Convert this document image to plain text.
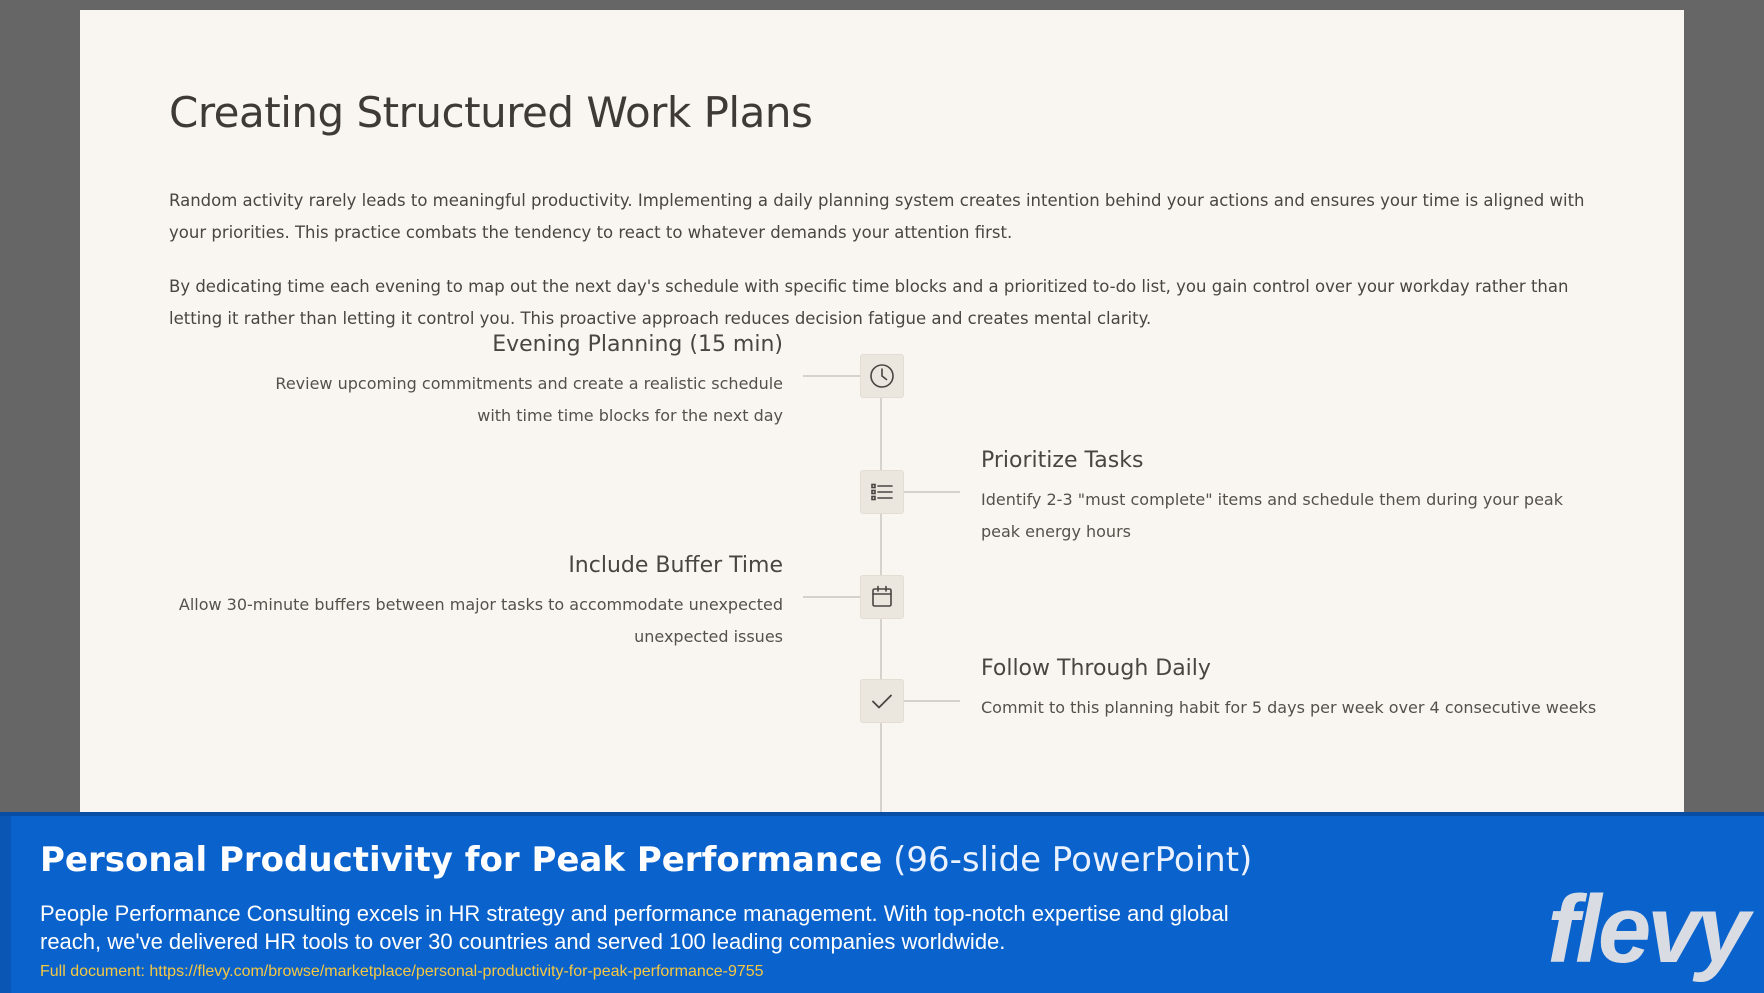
Creating Structured Work Plans

Random activity rarely leads to meaningful productivity. Implementing a daily planning system creates intention behind your actions and ensures your time is aligned with your priorities. This practice combats the tendency to react to whatever demands your attention first.

By dedicating time each evening to map out the next day's schedule with specific time blocks and a prioritized to-do list, you gain control over your workday rather than letting it rather than letting it control you. This proactive approach reduces decision fatigue and creates mental clarity.

Evening Planning (15 min)

Review upcoming commitments and create a realistic schedule with time time blocks for the next day

Prioritize Tasks

Identify 2-3 "must complete" items and schedule them during your peak peak energy hours

Include Buffer Time

Allow 30-minute buffers between major tasks to accommodate unexpected unexpected issues

Follow Through Daily

Commit to this planning habit for 5 days per week over 4 consecutive weeks

Personal Productivity for Peak Performance (96-slide PowerPoint)
People Performance Consulting excels in HR strategy and performance management. With top-notch expertise and global reach, we've delivered HR tools to over 30 countries and served 100 leading companies worldwide.
Full document: https://flevy.com/browse/marketplace/personal-productivity-for-peak-performance-9755	flevy
